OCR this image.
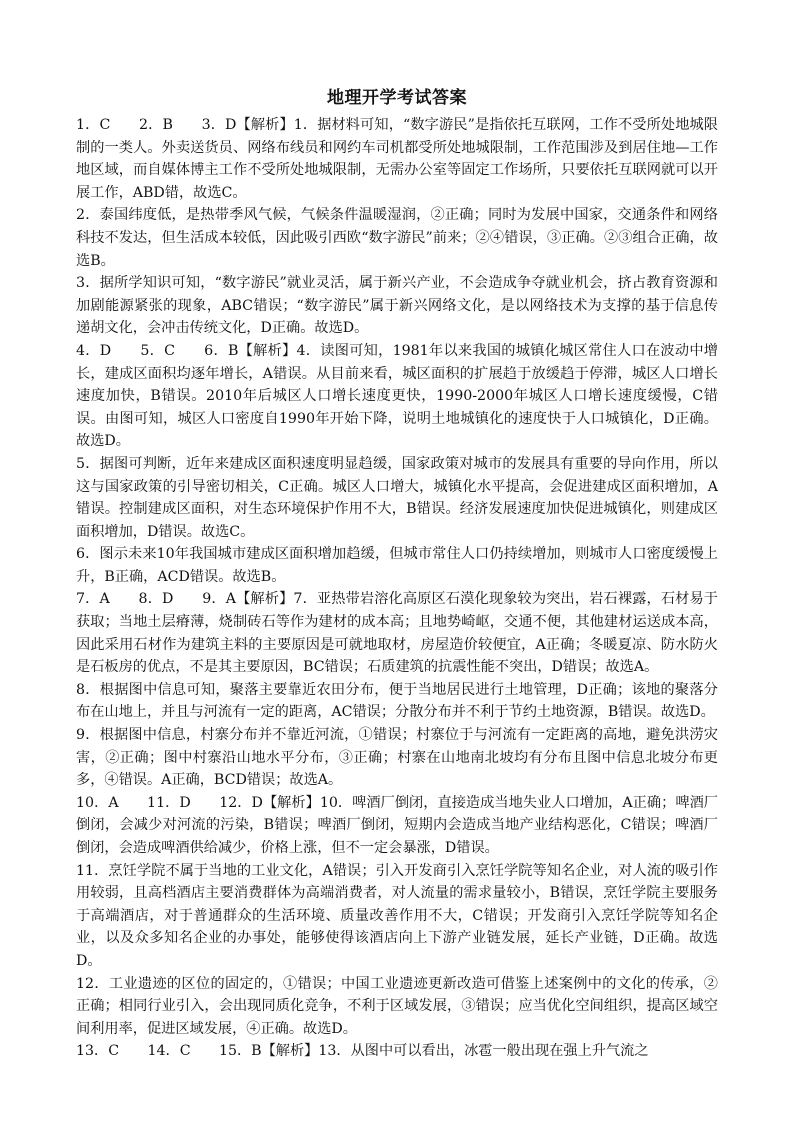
地理开学考试答案

1．C　　2．B　　3．D【解析】1．据材料可知，“数字游民”是指依托互联网，工作不受所处地城限制的一类人。外卖送货员、网络布线员和网约车司机都受所处地城限制，工作范围涉及到居住地—工作地区域，而自媒体博主工作不受所处地城限制，无需办公室等固定工作场所，只要依托互联网就可以开展工作，ABD错，故选C。

2．泰国纬度低，是热带季风气候，气候条件温暖湿润，②正确；同时为发展中国家，交通条件和网络科技不发达，但生活成本较低，因此吸引西欧“数字游民”前来；②④错误，③正确。②③组合正确，故选B。

3．据所学知识可知，“数字游民”就业灵活，属于新兴产业，不会造成争夺就业机会，挤占教育资源和加剧能源紧张的现象，ABC错误；“数字游民”属于新兴网络文化，是以网络技术为支撑的基于信息传递胡文化，会冲击传统文化，D正确。故选D。

4．D　　5．C　　6．B【解析】4．读图可知，1981年以来我国的城镇化城区常住人口在波动中增长，建成区面积均逐年增长，A错误。从目前来看，城区面积的扩展趋于放缓趋于停滞，城区人口增长速度加快，B错误。2010年后城区人口增长速度更快，1990-2000年城区人口增长速度缓慢，C错误。由图可知，城区人口密度自1990年开始下降，说明土地城镇化的速度快于人口城镇化，D正确。故选D。

5．据图可判断，近年来建成区面积速度明显趋缓，国家政策对城市的发展具有重要的导向作用，所以这与国家政策的引导密切相关，C正确。城区人口增大，城镇化水平提高，会促进建成区面积增加，A错误。控制建成区面积，对生态环境保护作用不大，B错误。经济发展速度加快促进城镇化，则建成区面积增加，D错误。故选C。

6．图示未来10年我国城市建成区面积增加趋缓，但城市常住人口仍持续增加，则城市人口密度缓慢上升，B正确，ACD错误。故选B。

7．A　　8．D　　9．A【解析】7．亚热带岩溶化高原区石漠化现象较为突出，岩石裸露，石材易于获取；当地土层瘠薄，烧制砖石等作为建材的成本高；且地势崎岖，交通不便，其他建材运送成本高，因此采用石材作为建筑主料的主要原因是可就地取材，房屋造价较便宜，A正确；冬暖夏凉、防水防火是石板房的优点，不是其主要原因，BC错误；石质建筑的抗震性能不突出，D错误；故选A。

8．根据图中信息可知，聚落主要靠近农田分布，便于当地居民进行土地管理，D正确；该地的聚落分布在山地上，并且与河流有一定的距离，AC错误；分散分布并不利于节约土地资源，B错误。故选D。

9．根据图中信息，村寨分布并不靠近河流，①错误；村寨位于与河流有一定距离的高地，避免洪涝灾害，②正确；图中村寨沿山地水平分布，③正确；村寨在山地南北坡均有分布且图中信息北坡分布更多，④错误。A正确，BCD错误；故选A。

10．A　　11．D　　12．D【解析】10．啤酒厂倒闭，直接造成当地失业人口增加，A正确；啤酒厂倒闭，会减少对河流的污染，B错误；啤酒厂倒闭，短期内会造成当地产业结构恶化，C错误；啤酒厂倒闭，会造成啤酒供给减少，价格上涨，但不一定会暴涨，D错误。

11．烹饪学院不属于当地的工业文化，A错误；引入开发商引入烹饪学院等知名企业，对人流的吸引作用较弱，且高档酒店主要消费群体为高端消费者，对人流量的需求量较小，B错误，烹饪学院主要服务于高端酒店，对于普通群众的生活环境、质量改善作用不大，C错误；开发商引入烹饪学院等知名企业，以及众多知名企业的办事处，能够使得该酒店向上下游产业链发展，延长产业链，D正确。故选D。

12．工业遗迹的区位的固定的，①错误；中国工业遗迹更新改造可借鉴上述案例中的文化的传承，②正确；相同行业引入，会出现同质化竞争，不利于区域发展，③错误；应当优化空间组织，提高区域空间利用率，促进区域发展，④正确。故选D。

13．C　　14．C　　15．B【解析】13．从图中可以看出，冰雹一般出现在强上升气流之
